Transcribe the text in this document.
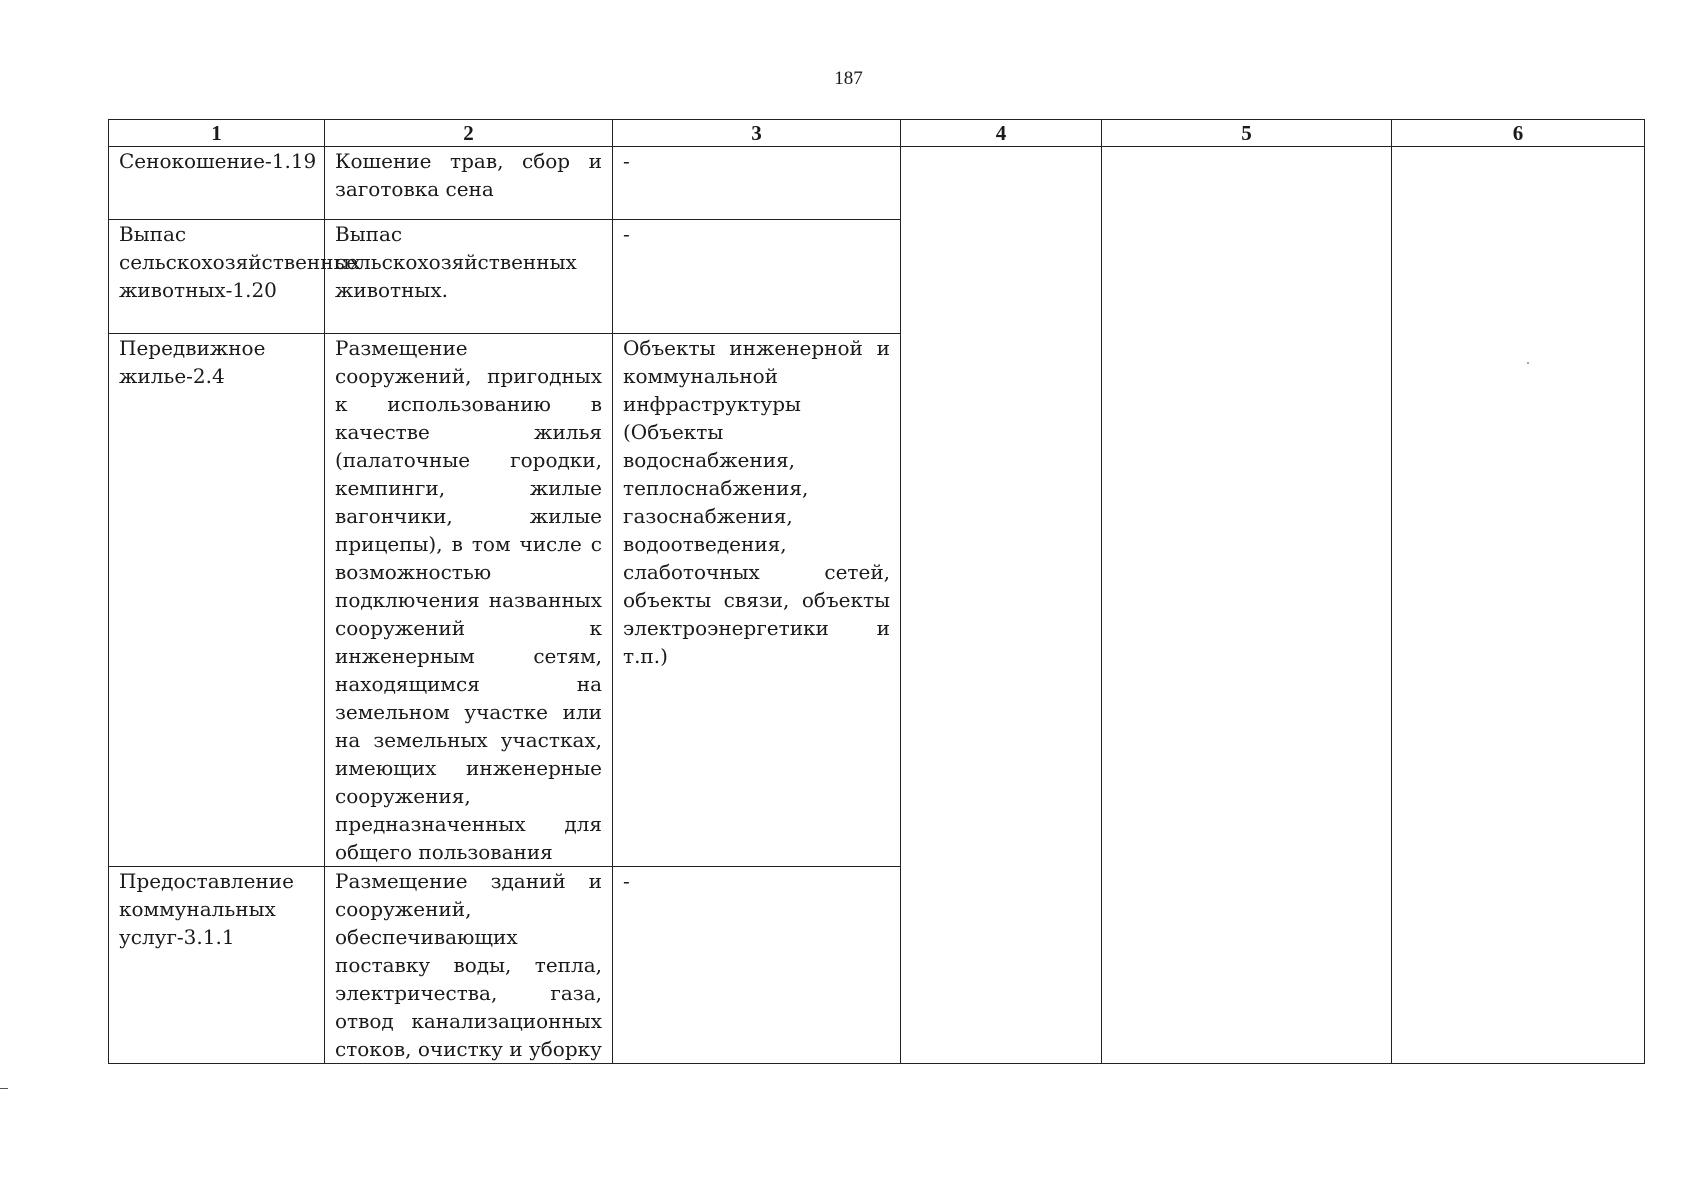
187
1	2	3	4	5	6
Сенокошение-1.19	Кошение трав, сбор и заготовка сена	-			
Выпас сельскохозяйственных животных-1.20	Выпас сельскохозяйственных животных.	-			
Передвижное жилье-2.4	Размещение сооружений, пригодных к использованию в качестве жилья (палаточные городки, кемпинги, жилые вагончики, жилые прицепы), в том числе с возможностью подключения названных сооружений к инженерным сетям, находящимся на земельном участке или на земельных участках, имеющих инженерные сооружения, предназначенных для общего пользования	Объекты инженерной и коммунальной инфраструктуры (Объекты водоснабжения, теплоснабжения, газоснабжения, водоотведения, слаботочных сетей, объекты связи, объекты электроэнергетики и т.п.)			
Предоставление коммунальных услуг-3.1.1	Размещение зданий и сооружений, обеспечивающих поставку воды, тепла, электричества, газа, отвод канализационных стоков, очистку и уборку	-			
